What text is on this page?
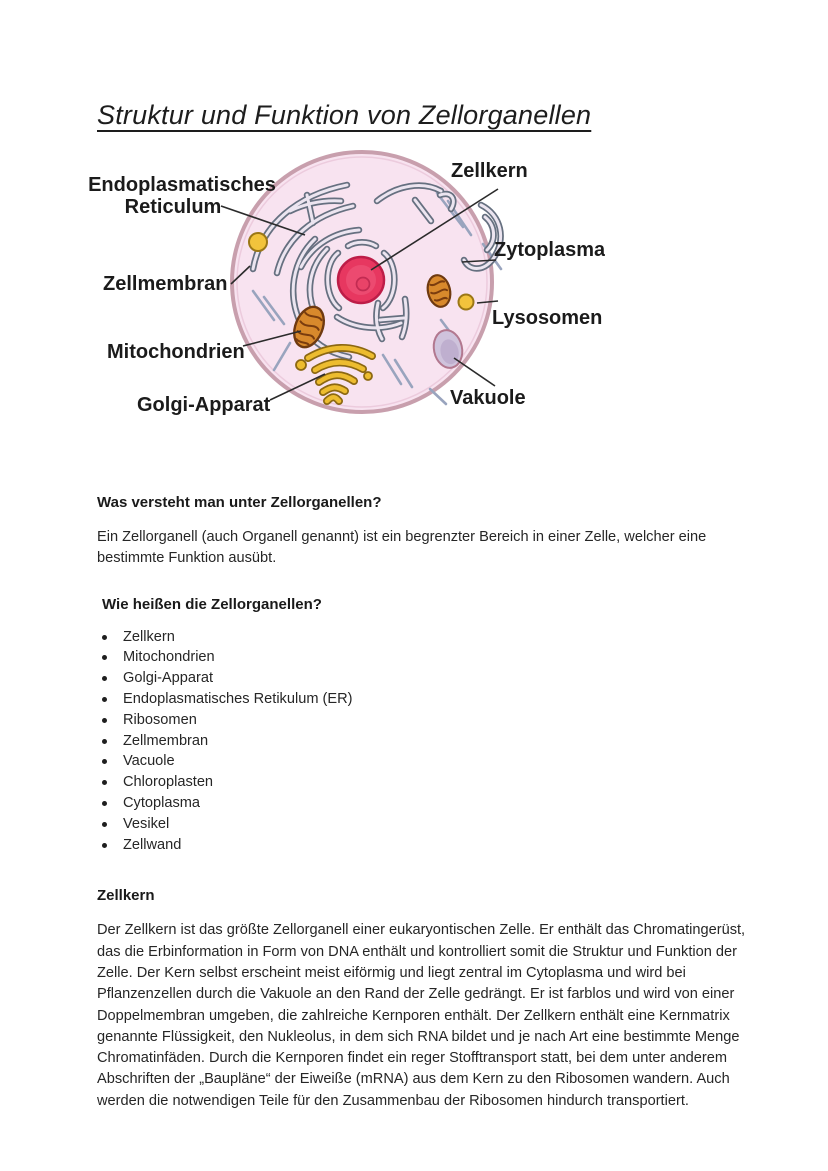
Struktur und Funktion von Zellorganellen
Endoplasmatisches
Reticulum
Zellkern
Zytoplasma
Zellmembran
Lysosomen
Mitochondrien
Vakuole
Golgi-Apparat
Was versteht man unter Zellorganellen?

Ein Zellorganell (auch Organell genannt) ist ein begrenzter Bereich in einer Zelle, welcher eine bestimmte Funktion ausübt.

Wie heißen die Zellorganellen?
Zellkern
Mitochondrien
Golgi-Apparat
Endoplasmatisches Retikulum (ER)
Ribosomen
Zellmembran
Vacuole
Chloroplasten
Cytoplasma
Vesikel
Zellwand
Zellkern

Der Zellkern ist das größte Zellorganell einer eukaryontischen Zelle. Er enthält das Chromatingerüst, das die Erbinformation in Form von DNA enthält und kontrolliert somit die Struktur und Funktion der Zelle. Der Kern selbst erscheint meist eiförmig und liegt zentral im Cytoplasma und wird bei Pflanzenzellen durch die Vakuole an den Rand der Zelle gedrängt. Er ist farblos und wird von einer Doppelmembran umgeben, die zahlreiche Kernporen enthält. Der Zellkern enthält eine Kernmatrix genannte Flüssigkeit, den Nukleolus, in dem sich RNA bildet und je nach Art eine bestimmte Menge Chromatinfäden. Durch die Kernporen findet ein reger Stofftransport statt, bei dem unter anderem Abschriften der „Baupläne“ der Eiweiße (mRNA) aus dem Kern zu den Ribosomen wandern. Auch werden die notwendigen Teile für den Zusammenbau der Ribosomen hindurch transportiert.
